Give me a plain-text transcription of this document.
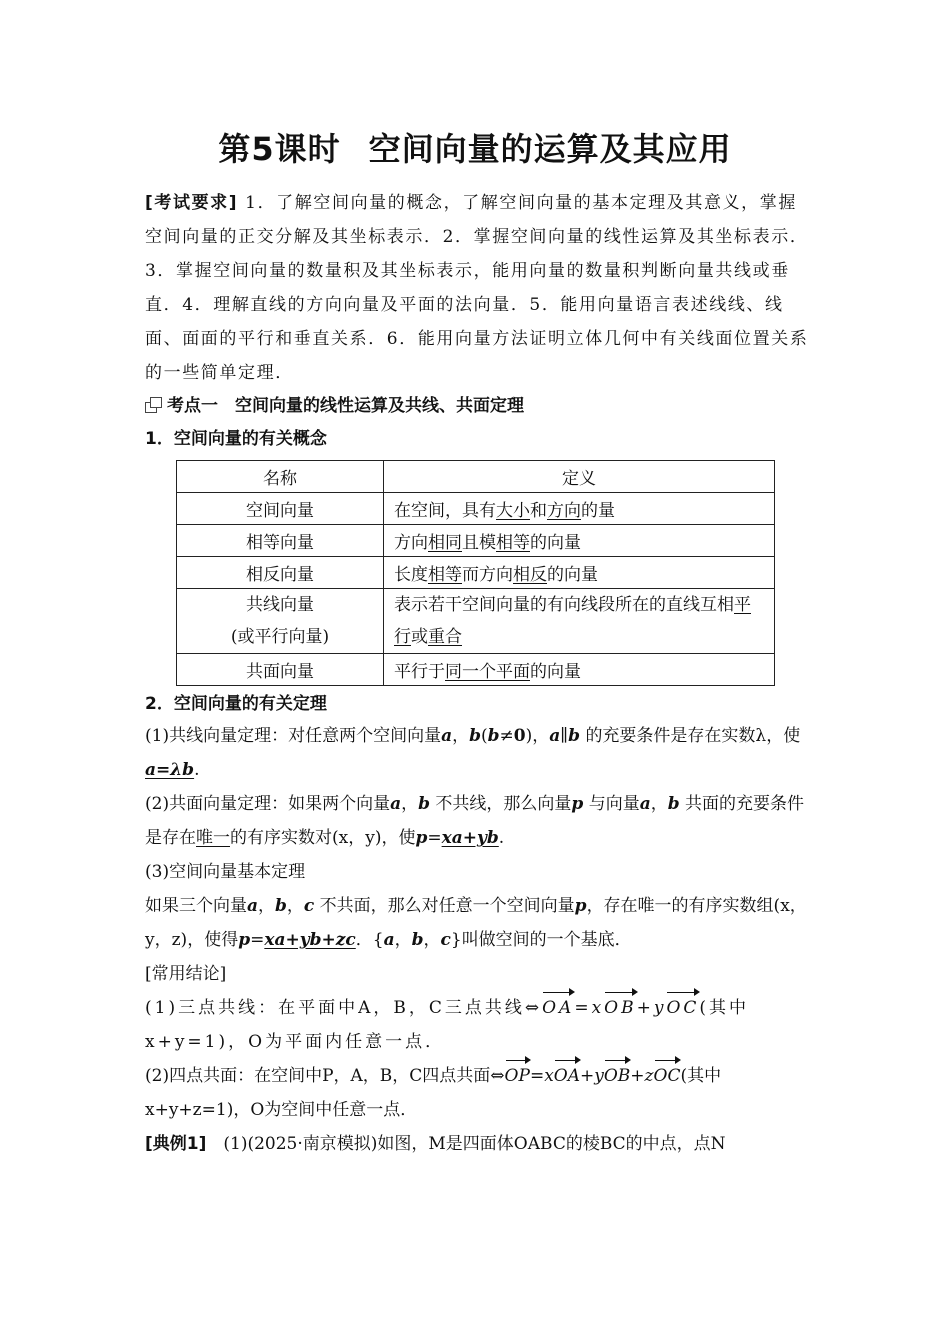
第5课时 空间向量的运算及其应用
[考试要求] 1．了解空间向量的概念，了解空间向量的基本定理及其意义，掌握空间向量的正交分解及其坐标表示．2．掌握空间向量的线性运算及其坐标表示．3．掌握空间向量的数量积及其坐标表示，能用向量的数量积判断向量共线或垂直．4．理解直线的方向向量及平面的法向量．5．能用向量语言表述线线、线面、面面的平行和垂直关系．6．能用向量方法证明立体几何中有关线面位置关系的一些简单定理．
考点一　空间向量的线性运算及共线、共面定理
1．空间向量的有关概念
名称	定义
空间向量	在空间，具有大小和方向的量
相等向量	方向相同且模相等的向量
相反向量	长度相等而方向相反的向量
共线向量
(或平行向量)	表示若干空间向量的有向线段所在的直线互相平行或重合
共面向量	平行于同一个平面的向量
2．空间向量的有关定理
(1)共线向量定理：对任意两个空间向量a，b(b≠0)，a∥b 的充要条件是存在实数λ，使a=λb.
(2)共面向量定理：如果两个向量a，b 不共线，那么向量p 与向量a，b 共面的充要条件是存在唯一的有序实数对(x，y)，使p=xa+yb.
(3)空间向量基本定理
如果三个向量a，b，c 不共面，那么对任意一个空间向量p，存在唯一的有序实数组(x，y，z)，使得p=xa+yb+zc．{a，b，c}叫做空间的一个基底．
[常用结论]
(1)三点共线：在平面中A，B，C三点共线⇔OA=xOB+yOC(其中x+y=1)，O为平面内任意一点．
(2)四点共面：在空间中P，A，B，C四点共面⇔OP=xOA+yOB+zOC(其中x+y+z=1)，O为空间中任意一点．
[典例1]　 (1)(2025·南京模拟)如图，M是四面体OABC的棱BC的中点，点N
